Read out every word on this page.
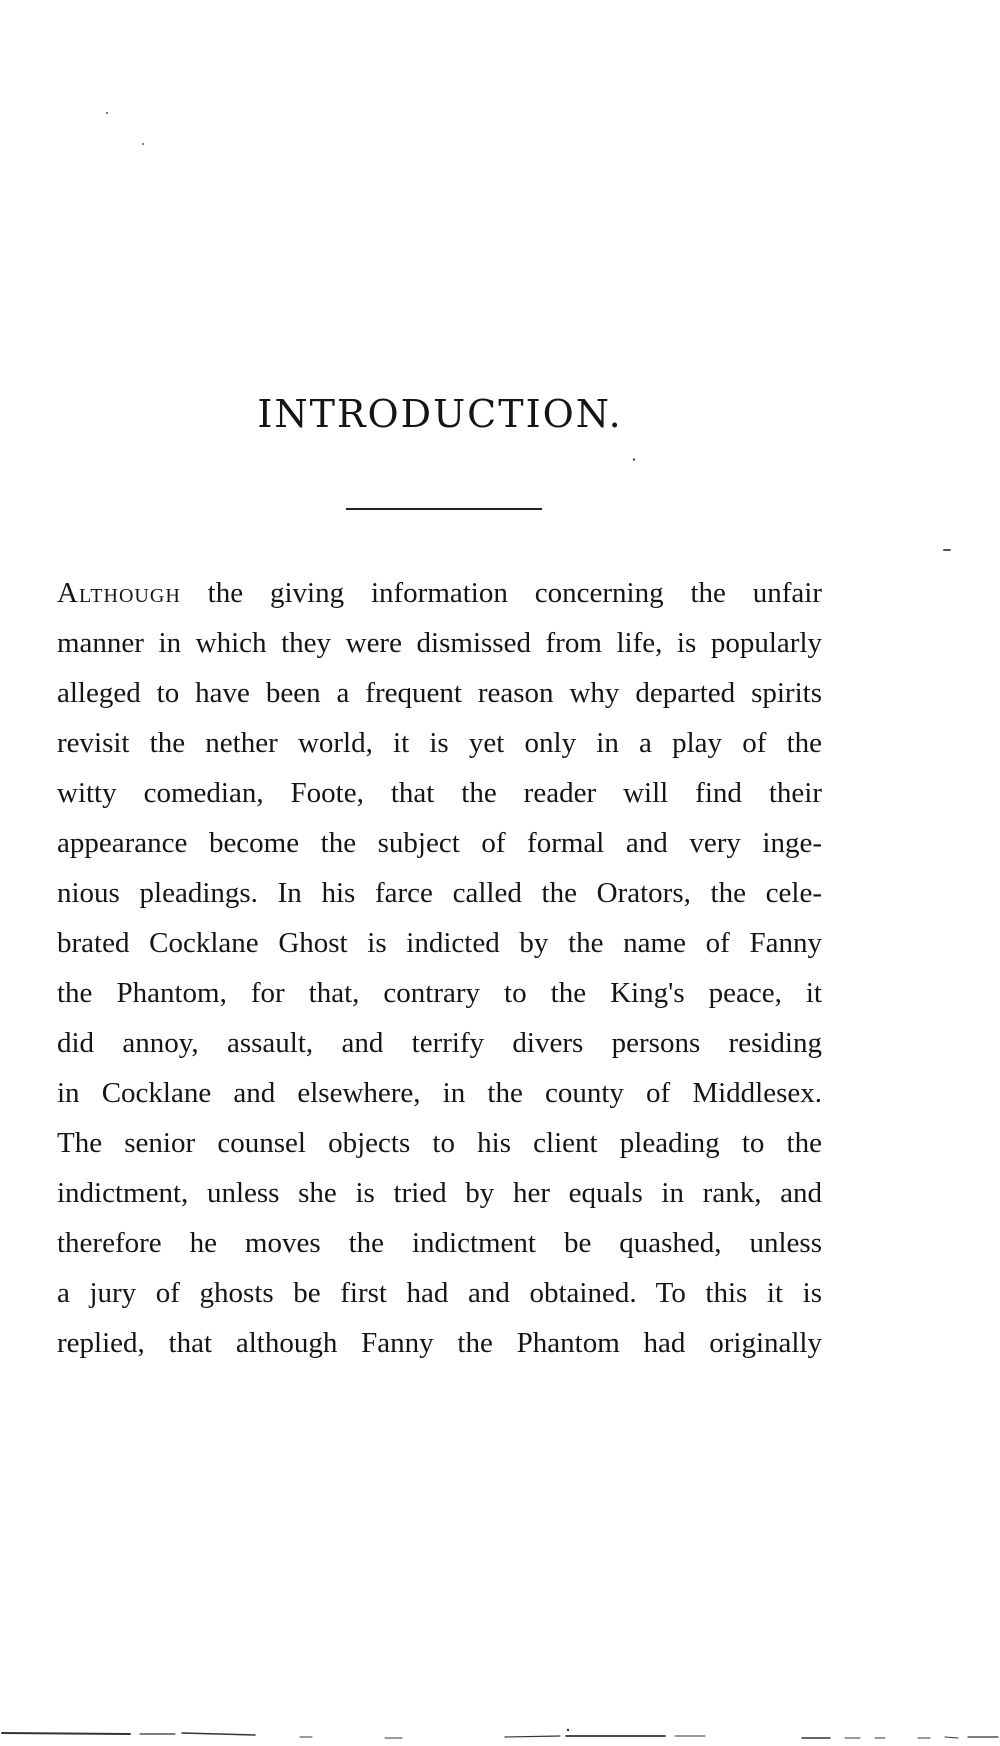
INTRODUCTION.
Although the giving information concerning the unfair
manner in which they were dismissed from life, is popularly
alleged to have been a frequent reason why departed spirits
revisit the nether world, it is yet only in a play of the
witty comedian, Foote, that the reader will find their
appearance become the subject of formal and very inge-
nious pleadings. In his farce called the Orators, the cele-
brated Cocklane Ghost is indicted by the name of Fanny
the Phantom, for that, contrary to the King's peace, it
did annoy, assault, and terrify divers persons residing
in Cocklane and elsewhere, in the county of Middlesex.
The senior counsel objects to his client pleading to the
indictment, unless she is tried by her equals in rank, and
therefore he moves the indictment be quashed, unless
a jury of ghosts be first had and obtained. To this it is
replied, that although Fanny the Phantom had originally
